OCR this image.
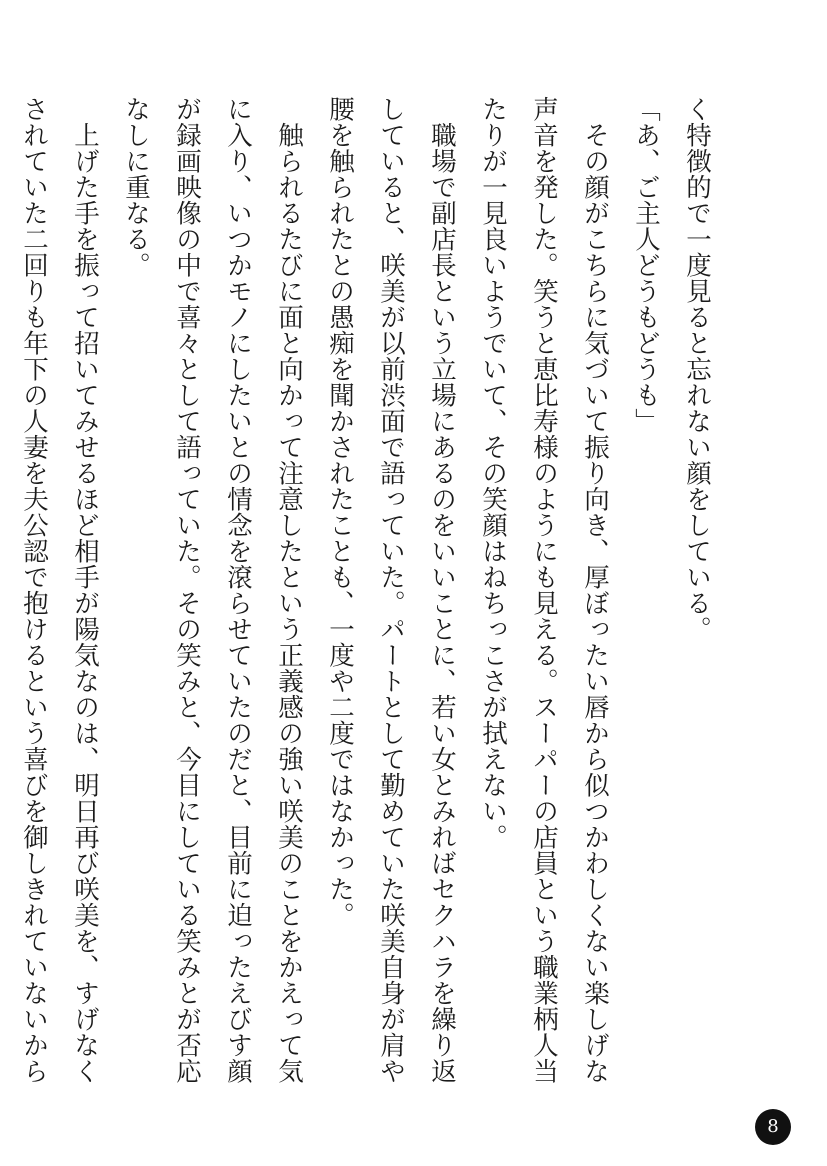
く特徴的で一度見ると忘れない顔をしている。
「あ、ご主人どうもどうも」
　その顔がこちらに気づいて振り向き、厚ぼったい唇から似つかわしくない楽しげな
声音を発した。笑うと恵比寿様のようにも見える。スーパーの店員という職業柄人当
たりが一見良いようでいて、その笑顔はねちっこさが拭えない。
　職場で副店長という立場にあるのをいいことに、若い女とみればセクハラを繰り返
していると、咲美が以前渋面で語っていた。パートとして勤めていた咲美自身が肩や
腰を触られたとの愚痴を聞かされたことも、一度や二度ではなかった。
　触られるたびに面と向かって注意したという正義感の強い咲美のことをかえって気
に入り、いつかモノにしたいとの情念を滾らせていたのだと、目前に迫ったえびす顔
が録画映像の中で喜々として語っていた。その笑みと、今目にしている笑みとが否応
なしに重なる。
　上げた手を振って招いてみせるほど相手が陽気なのは、明日再び咲美を、すげなく
されていた二回りも年下の人妻を夫公認で抱けるという喜びを御しきれていないから
8
